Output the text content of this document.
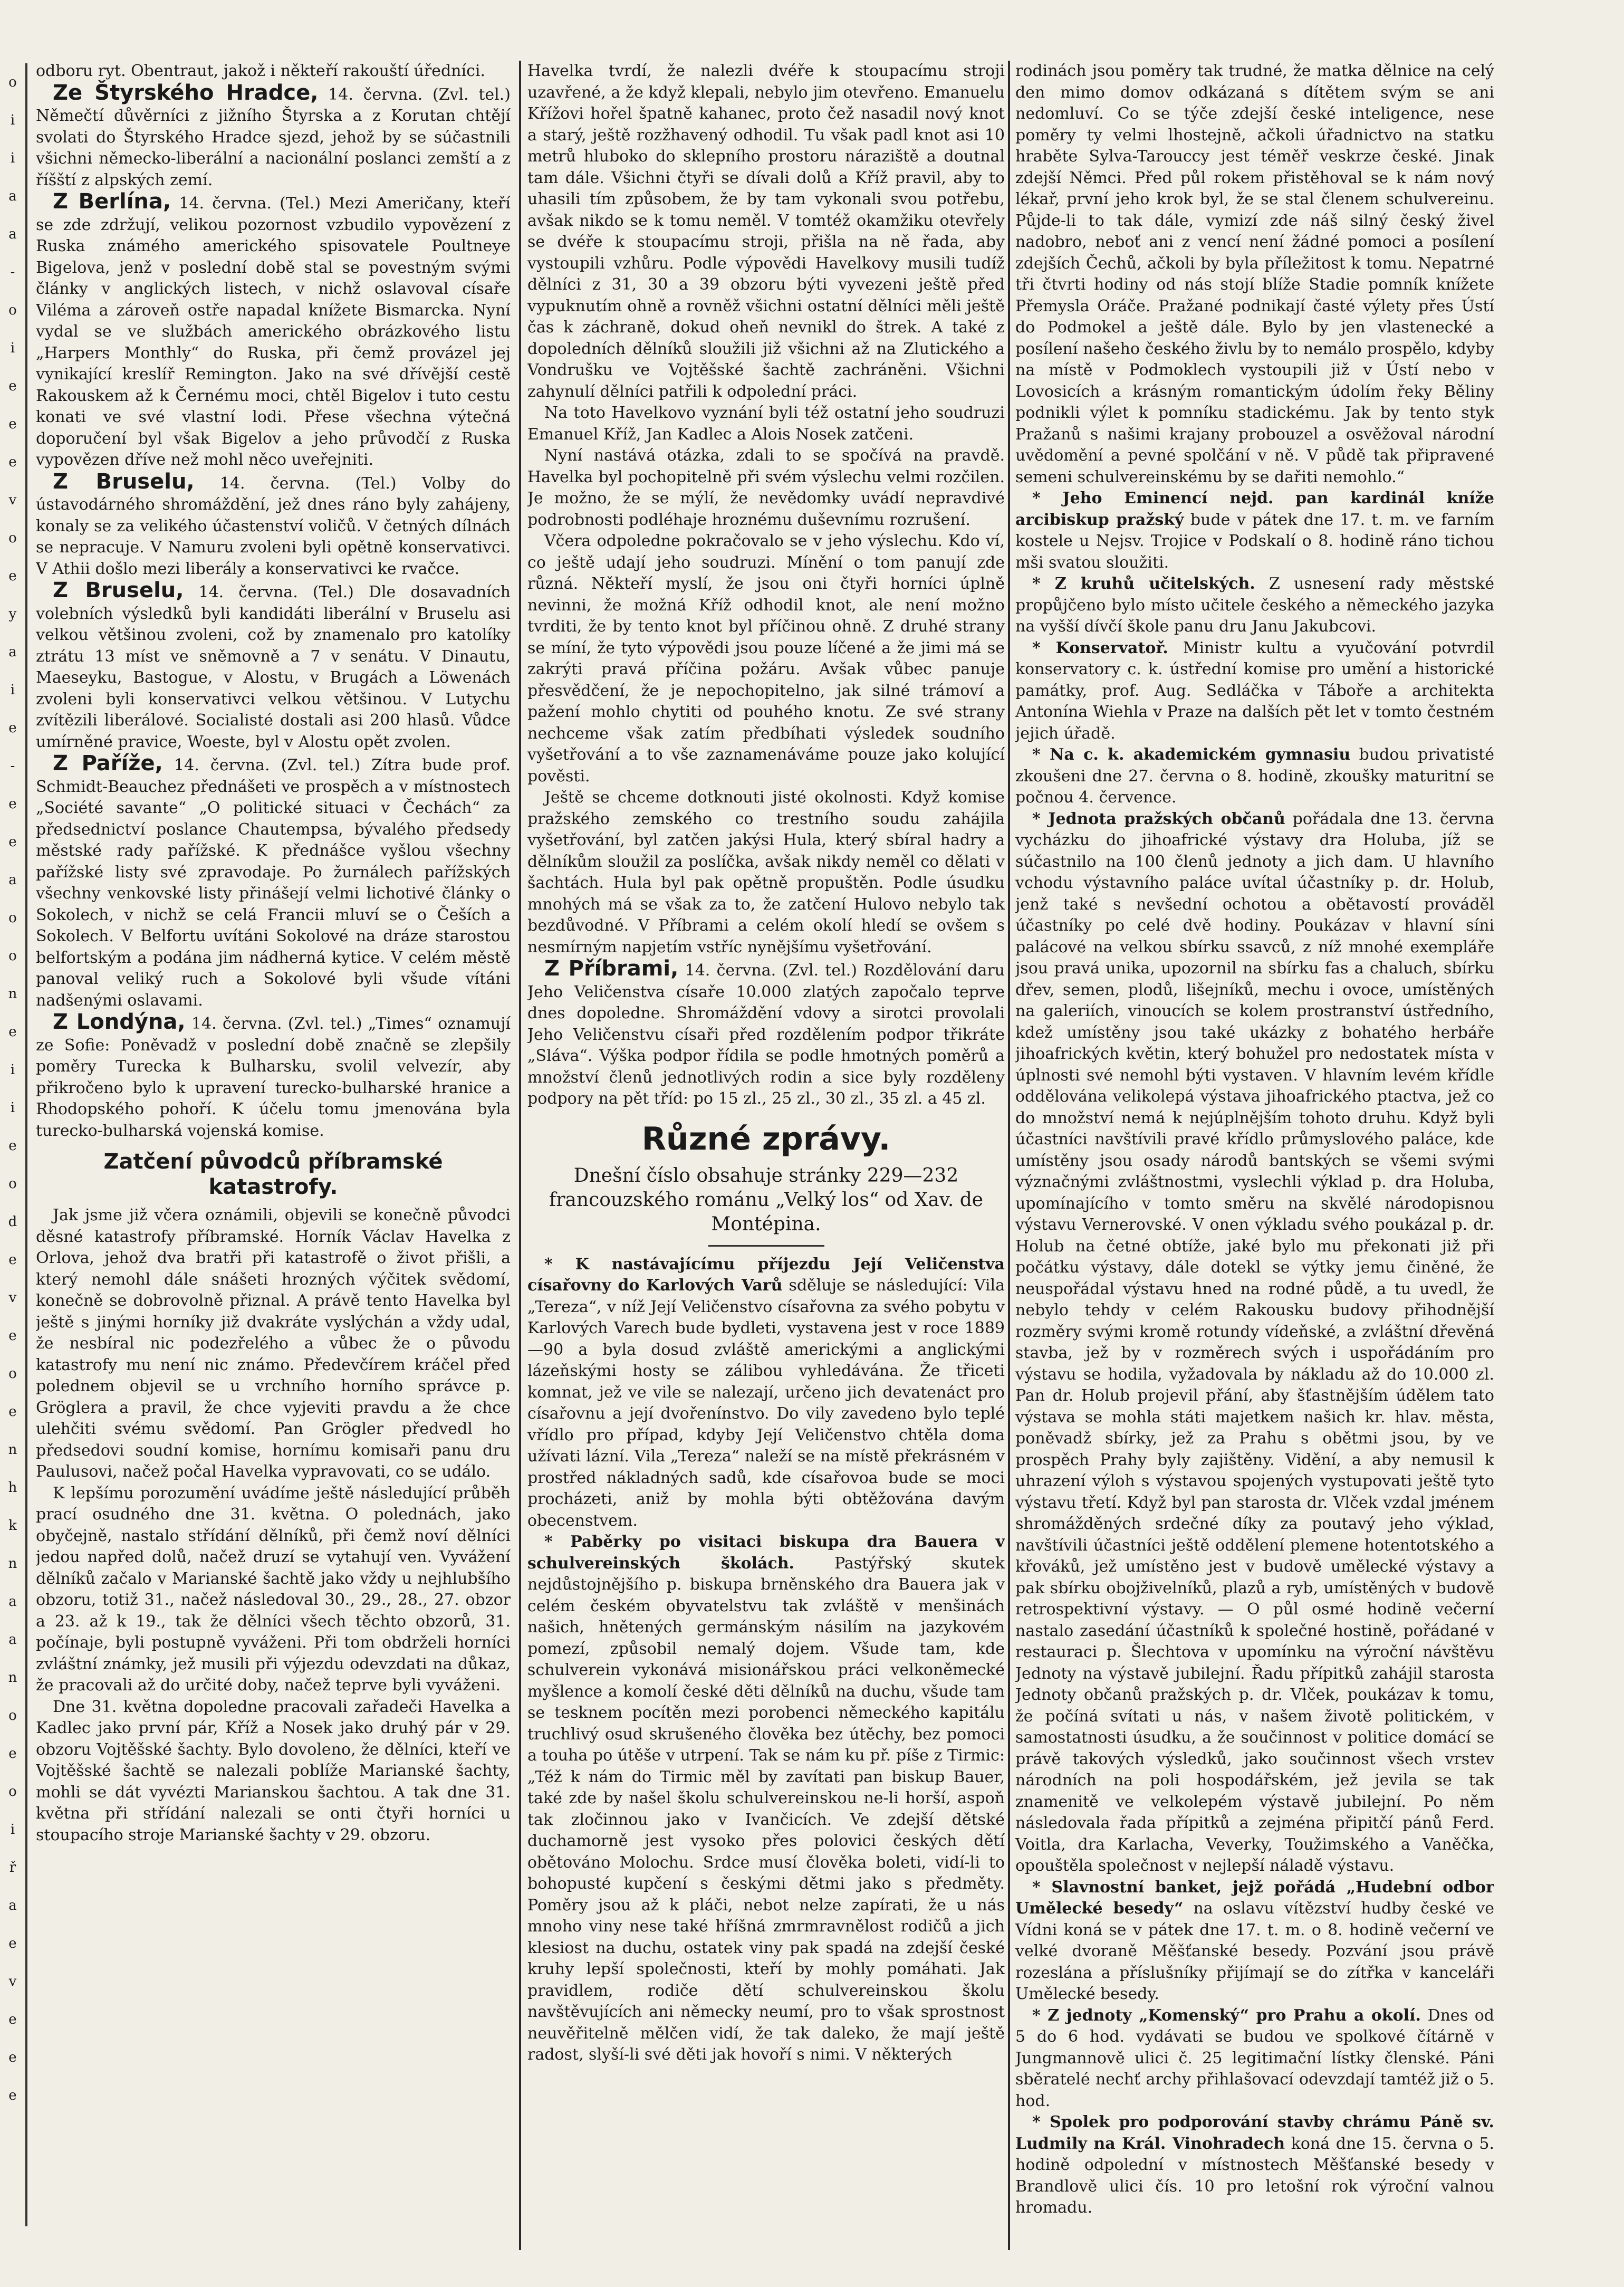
o
i
i
a
a
-
o
i
e
e
e
v
o
e
y
a
i
e
-
e
e
a
o
o
n
e
i
i
e
o
d
e
v
e
o
e
n
h
k
n
a
a
n
o
e
o
i
ř
a
e
v
e
e
e

odboru ryt. Obentraut, jakož i někteří rakouští úředníci.

Ze Štyrského Hradce, 14. června. (Zvl. tel.) Němečtí důvěrníci z jižního Štyrska a z Korutan chtějí svolati do Štyrského Hradce sjezd, jehož by se súčastnili všichni německo-liberální a nacionální poslanci zemští a z říšští z alpských zemí.

Z Berlína, 14. června. (Tel.) Mezi Američany, kteří se zde zdržují, velikou pozornost vzbudilo vypovězení z Ruska známého amerického spisovatele Poultneye Bigelova, jenž v poslední době stal se povestným svými články v anglických listech, v nichž oslavoval císaře Viléma a zároveň ostře napadal knížete Bismarcka. Nyní vydal se ve službách amerického obrázkového listu „Harpers Monthly“ do Ruska, při čemž provázel jej vynikající kreslíř Remington. Jako na své dřívější cestě Rakouskem až k Černému moci, chtěl Bigelov i tuto cestu konati ve své vlastní lodi. Přese všechna výtečná doporučení byl však Bigelov a jeho průvodčí z Ruska vypovězen dříve než mohl něco uveřejniti.

Z Bruselu, 14. června. (Tel.) Volby do ústavodárného shromáždění, jež dnes ráno byly zahájeny, konaly se za velikého účastenství voličů. V četných dílnách se nepracuje. V Namuru zvoleni byli opětně konservativci. V Athii došlo mezi liberály a konservativci ke rvačce.

Z Bruselu, 14. června. (Tel.) Dle dosavadních volebních výsledků byli kandidáti liberální v Bruselu asi velkou většinou zvoleni, což by znamenalo pro katolíky ztrátu 13 míst ve sněmovně a 7 v senátu. V Dinautu, Maeseyku, Bastogue, v Alostu, v Brugách a Löwenách zvoleni byli konservativci velkou většinou. V Lutychu zvítězili liberálové. Socialisté dostali asi 200 hlasů. Vůdce umírněné pravice, Woeste, byl v Alostu opět zvolen.

Z Paříže, 14. června. (Zvl. tel.) Zítra bude prof. Schmidt-Beauchez přednášeti ve prospěch a v místnostech „Société savante“ „O politické situaci v Čechách“ za předsednictví poslance Chautempsa, bývalého předsedy městské rady pařížské. K přednášce vyšlou všechny pařížské listy své zpravodaje. Po žurnálech pařížských všechny venkovské listy přinášejí velmi lichotivé články o Sokolech, v nichž se celá Francii mluví se o Češích a Sokolech. V Belfortu uvítáni Sokolové na dráze starostou belfortským a podána jim nádherná kytice. V celém městě panoval veliký ruch a Sokolové byli všude vítáni nadšenými oslavami.

Z Londýna, 14. června. (Zvl. tel.) „Times“ oznamují ze Sofie: Poněvadž v poslední době značně se zlepšily poměry Turecka k Bulharsku, svolil velvezír, aby přikročeno bylo k upravení turecko-bulharské hranice a Rhodopského pohoří. K účelu tomu jmenována byla turecko-bulharská vojenská komise.

Zatčení původců příbramské katastrofy.

Jak jsme již včera oznámili, objevili se konečně původci děsné katastrofy příbramské. Horník Václav Havelka z Orlova, jehož dva bratři při katastrofě o život přišli, a který nemohl dále snášeti hrozných výčitek svědomí, konečně se dobrovolně přiznal. A právě tento Havelka byl ještě s jinými horníky již dvakráte vyslýchán a vždy udal, že nesbíral nic podezřelého a vůbec že o původu katastrofy mu není nic známo. Předevčírem kráčel před polednem objevil se u vrchního horního správce p. Gröglera a pravil, že chce vyjeviti pravdu a že chce ulehčiti svému svědomí. Pan Grögler předvedl ho předsedovi soudní komise, hornímu komisaři panu dru Paulusovi, načež počal Havelka vypravovati, co se událo.

K lepšímu porozumění uvádíme ještě následující průběh prací osudného dne 31. května. O polednách, jako obyčejně, nastalo střídání dělníků, při čemž noví dělníci jedou napřed dolů, načež druzí se vytahují ven. Vyvážení dělníků začalo v Marianské šachtě jako vždy u nejhlubšího obzoru, totiž 31., načež následoval 30., 29., 28., 27. obzor a 23. až k 19., tak že dělníci všech těchto obzorů, 31. počínaje, byli postupně vyváženi. Při tom obdrželi horníci zvláštní známky, jež musili při výjezdu odevzdati na důkaz, že pracovali až do určité doby, načež teprve byli vyváženi.

Dne 31. května dopoledne pracovali zařadeči Havelka a Kadlec jako první pár, Kříž a Nosek jako druhý pár v 29. obzoru Vojtěšské šachty. Bylo dovoleno, že dělníci, kteří ve Vojtěšské šachtě se nalezali poblíže Marianské šachty, mohli se dát vyvézti Marianskou šachtou. A tak dne 31. května při střídání nalezali se onti čtyři horníci u stoupacího stroje Marianské šachty v 29. obzoru.

Havelka tvrdí, že nalezli dvéře k stoupacímu stroji uzavřené, a že když klepali, nebylo jim otevřeno. Emanuelu Křížovi hořel špatně kahanec, proto čež nasadil nový knot a starý, ještě rozžhavený odhodil. Tu však padl knot asi 10 metrů hluboko do sklepního prostoru náraziště a doutnal tam dále. Všichni čtyři se dívali dolů a Kříž pravil, aby to uhasili tím způsobem, že by tam vykonali svou potřebu, avšak nikdo se k tomu neměl. V tomtéž okamžiku otevřely se dvéře k stoupacímu stroji, přišla na ně řada, aby vystoupili vzhůru. Podle výpovědi Havelkovy musili tudíž dělníci z 31, 30 a 39 obzoru býti vyvezeni ještě před vypuknutím ohně a rovněž všichni ostatní dělníci měli ještě čas k záchraně, dokud oheň nevnikl do štrek. A také z dopoledních dělníků sloužili již všichni až na Zlutického a Vondrušku ve Vojtěšské šachtě zachráněni. Všichni zahynulí dělníci patřili k odpolední práci.

Na toto Havelkovo vyznání byli též ostatní jeho soudruzi Emanuel Kříž, Jan Kadlec a Alois Nosek zatčeni.

Nyní nastává otázka, zdali to se spočívá na pravdě. Havelka byl pochopitelně při svém výslechu velmi rozčilen. Je možno, že se mýlí, že nevědomky uvádí nepravdivé podrobnosti podléhaje hroznému duševnímu rozrušení.

Včera odpoledne pokračovalo se v jeho výslechu. Kdo ví, co ještě udají jeho soudruzi. Mínění o tom panují zde různá. Někteří myslí, že jsou oni čtyři horníci úplně nevinni, že možná Kříž odhodil knot, ale není možno tvrditi, že by tento knot byl příčinou ohně. Z druhé strany se míní, že tyto výpovědi jsou pouze líčené a že jimi má se zakrýti pravá příčina požáru. Avšak vůbec panuje přesvědčení, že je nepochopitelno, jak silné trámoví a pažení mohlo chytiti od pouhého knotu. Ze své strany nechceme však zatím předbíhati výsledek soudního vyšetřování a to vše zaznamenáváme pouze jako kolující pověsti.

Ještě se chceme dotknouti jisté okolnosti. Když komise pražského zemského co trestního soudu zahájila vyšetřování, byl zatčen jakýsi Hula, který sbíral hadry a dělníkům sloužil za poslíčka, avšak nikdy neměl co dělati v šachtách. Hula byl pak opětně propuštěn. Podle úsudku mnohých má se však za to, že zatčení Hulovo nebylo tak bezdůvodné. V Příbrami a celém okolí hledí se ovšem s nesmírným napjetím vstříc nynějšímu vyšetřování.

Z Příbrami, 14. června. (Zvl. tel.) Rozdělování daru Jeho Veličenstva císaře 10.000 zlatých započalo teprve dnes dopoledne. Shromáždění vdovy a sirotci provolali Jeho Veličenstvu císaři před rozdělením podpor třikráte „Sláva“. Výška podpor řídila se podle hmotných poměrů a množství členů jednotlivých rodin a sice byly rozděleny podpory na pět tříd: po 15 zl., 25 zl., 30 zl., 35 zl. a 45 zl.

Různé zprávy.
Dnešní číslo obsahuje stránky 229—232 francouzského románu „Velký los“ od Xav. de Montépina.

* K nastávajícímu příjezdu Její Veličenstva císařovny do Karlových Varů sděluje se následující: Vila „Tereza“, v níž Její Veličenstvo císařovna za svého pobytu v Karlových Varech bude bydleti, vystavena jest v roce 1889—90 a byla dosud zvláště americkými a anglickými lázeňskými hosty se zálibou vyhledávána. Že třiceti komnat, jež ve vile se nalezají, určeno jich devatenáct pro císařovnu a její dvořenínstvo. Do vily zavedeno bylo teplé vřídlo pro případ, kdyby Její Veličenstvo chtěla doma užívati lázní. Vila „Tereza“ naleží se na místě překrásném v prostřed nákladných sadů, kde císařovoa bude se moci procházeti, aniž by mohla býti obtěžována davým obecenstvem.

* Paběrky po visitaci biskupa dra Bauera v schulvereinských školách.	Pastýřský skutek nejdůstojnějšího p. biskupa brněnského dra Bauera jak v celém českém obyvatelstvu tak zvláště v menšinách našich, hnětených germánským násilím na jazykovém pomezí, způsobil nemalý dojem. Všude tam, kde schulverein vykonává misionářskou práci velkoněmecké myšlence a komolí české děti dělníků na duchu, všude tam se tesknem pocítěn mezi porobenci německého kapitálu truchlivý osud skrušeného člověka bez útěchy, bez pomoci a touha po útěše v utrpení. Tak se nám ku př. píše z Tirmic: „Též k nám do Tirmic měl by zavítati pan biskup Bauer, také zde by našel školu schulvereinskou ne-li horší, aspoň tak zločinnou jako v Ivančicích. Ve zdejší dětské duchamorně jest vysoko přes polovici českých dětí obětováno Molochu. Srdce musí člověka boleti, vidí-li to bohopusté kupčení s českými dětmi jako s předměty. Poměry jsou až k pláči, nebot nelze zapírati, že u nás mnoho viny nese také hříšná zmrmravnělost rodičů a jich klesiost na duchu, ostatek viny pak spadá na zdejší české kruhy lepší společnosti, kteří by mohly pomáhati. Jak pravidlem, rodiče dětí schulvereinskou školu navštěvujících ani německy neumí, pro to však sprostnost neuvěřitelně mělčen vidí, že tak daleko, že mají ještě radost, slyší-li své děti jak hovoří s nimi. V některých

rodinách jsou poměry tak trudné, že matka dělnice na celý den mimo domov odkázaná s dítětem svým se ani nedomluví. Co se týče zdejší české inteligence, nese poměry ty velmi lhostejně, ačkoli úřadnictvo na statku hraběte Sylva-Tarouccy jest téměř veskrze české. Jinak zdejší Němci. Před půl rokem přistěhoval se k nám nový lékař, první jeho krok byl, že se stal členem schulvereinu. Půjde-li to tak dále, vymizí zde náš silný český živel nadobro, neboť ani z vencí není žádné pomoci a posílení zdejších Čechů, ačkoli by byla příležitost k tomu. Nepatrné tři čtvrti hodiny od nás stojí blíže Stadie pomník knížete Přemysla Oráče. Pražané podnikají časté výlety přes Ústí do Podmokel a ještě dále. Bylo by jen vlastenecké a posílení našeho českého živlu by to nemálo prospělo, kdyby na místě v Podmoklech vystoupili již v Ústí nebo v Lovosicích a krásným romantickým údolím řeky Běliny podnikli výlet k pomníku stadickému. Jak by tento styk Pražanů s našimi krajany probouzel a osvěžoval národní uvědomění a pevné spolčání v ně. V půdě tak připravené semeni schulvereinskému by se dařiti nemohlo.“

* Jeho Eminencí nejd. pan kardinál kníže arcibiskup pražský bude v pátek dne 17. t. m. ve farním kostele u Nejsv. Trojice v Podskalí o 8. hodině ráno tichou mši svatou sloužiti.

* Z kruhů učitelských. Z usnesení rady městské propůjčeno bylo místo učitele českého a německého jazyka na vyšší dívčí škole panu dru Janu Jakubcovi.

* Konservatoř. Ministr kultu a vyučování potvrdil konservatory c. k. ústřední komise pro umění a historické památky, prof. Aug. Sedláčka v Táboře a architekta Antonína Wiehla v Praze na dalších pět let v tomto čestném jejich úřadě.

* Na c. k. akademickém gymnasiu budou privatisté zkoušeni dne 27. června o 8. hodině, zkoušky maturitní se počnou 4. července.

* Jednota pražských občanů pořádala dne 13. června vycházku do jihoafrické výstavy dra Holuba, jíž se súčastnilo na 100 členů jednoty a jich dam. U hlavního vchodu výstavního paláce uvítal účastníky p. dr. Holub, jenž také s nevšední ochotou a obětavostí prováděl účastníky po celé dvě hodiny. Poukázav v hlavní síni palácové na velkou sbírku ssavců, z níž mnohé exempláře jsou pravá unika, upozornil na sbírku fas a chaluch, sbírku dřev, semen, plodů, lišejníků, mechu i ovoce, umístěných na galeriích, vinoucích se kolem prostranství ústředního, kdež umístěny jsou také ukázky z bohatého herbáře jihoafrických květin, který bohužel pro nedostatek místa v úplnosti své nemohl býti vystaven. V hlavním levém křídle oddělována velikolepá výstava jihoafrického ptactva, jež co do množství nemá k nejúplnějším tohoto druhu. Když byli účastníci navštívili pravé křídlo průmyslového paláce, kde umístěny jsou osady národů bantských se všemi svými význačnými zvláštnostmi, vyslechli výklad p. dra Holuba, upomínajícího v tomto směru na skvělé národopisnou výstavu Vernerovské. V onen výkladu svého poukázal p. dr. Holub na četné obtíže, jaké bylo mu překonati již při počátku výstavy, dále dotekl se výtky jemu činěné, že neuspořádal výstavu hned na rodné půdě, a tu uvedl, že nebylo tehdy v celém Rakousku budovy přihodnější rozměry svými kromě rotundy vídeňské, a zvláštní dřevěná stavba, jež by v rozměrech svých i uspořádáním pro výstavu se hodila, vyžadovala by nákladu až do 10.000 zl. Pan dr. Holub projevil přání, aby šťastnějším údělem tato výstava se mohla státi majetkem našich kr. hlav. města, poněvadž sbírky, jež za Prahu s obětmi jsou, by ve prospěch Prahy byly zajištěny. Vidění, a aby nemusil k uhrazení výloh s výstavou spojených vystupovati ještě tyto výstavu třetí. Když byl pan starosta dr. Vlček vzdal jménem shromážděných srdečné díky za poutavý jeho výklad, navštívili účastníci ještě oddělení plemene hotentotského a křováků, jež umístěno jest v budově umělecké výstavy a pak sbírku obojživelníků, plazů a ryb, umístěných v budově retrospektivní výstavy. — O půl osmé hodině večerní nastalo zasedání účastníků k společné hostině, pořádané v restauraci p. Šlechtova v upomínku na výroční návštěvu Jednoty na výstavě jubilejní. Řadu přípitků zahájil starosta Jednoty občanů pražských p. dr. Vlček, poukázav k tomu, že počíná svítati u nás, v našem životě politickém, v samostatnosti úsudku, a že součinnost v politice domácí se právě takových výsledků, jako součinnost všech vrstev národních na poli hospodářském, jež jevila se tak znamenitě ve velkolepém výstavě jubilejní. Po něm následovala řada přípitků a zejména připitčí pánů Ferd. Voitla, dra Karlacha, Veverky, Toužimského a Vaněčka, opouštěla společnost v nejlepší náladě výstavu.

* Slavnostní banket, jejž pořádá „Hudební odbor Umělecké besedy“ na oslavu vítězství hudby české ve Vídni koná se v pátek dne 17. t. m. o 8. hodině večerní ve velké dvoraně Měšťanské besedy. Pozvání jsou právě rozeslána a příslušníky přijímají se do zítřka v kanceláři Umělecké besedy.

* Z jednoty „Komenský“ pro Prahu a okolí. Dnes od 5 do 6 hod. vydávati se budou ve spolkové čítárně v Jungmannově ulici č. 25 legitimační lístky členské. Páni sběratelé nechť archy přihlašovací odevzdají tamtéž již o 5. hod.

* Spolek pro podporování stavby chrámu Páně sv. Ludmily na Král. Vinohradech koná dne 15. června o 5. hodině odpolední v místnostech Měšťanské besedy v Brandlově ulici čís. 10 pro letošní rok výroční valnou hromadu.
